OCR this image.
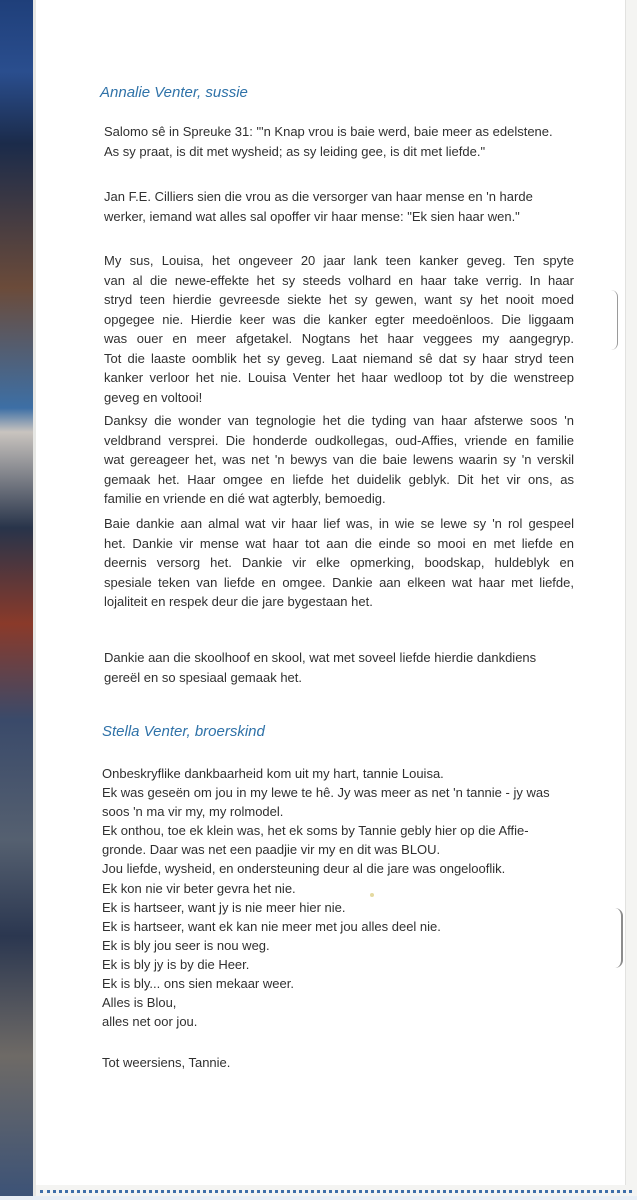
Annalie Venter, sussie

Salomo sê in Spreuke 31: "'n Knap vrou is baie werd, baie meer as edelstene.
As sy praat, is dit met wysheid; as sy leiding gee, is dit met liefde."

Jan F.E. Cilliers sien die vrou as die versorger van haar mense en 'n harde
werker, iemand wat alles sal opoffer vir haar mense: "Ek sien haar wen."

My sus, Louisa, het ongeveer 20 jaar lank teen kanker geveg. Ten spyte
van al die newe-effekte het sy steeds volhard en haar take verrig. In haar
stryd teen hierdie gevreesde siekte het sy gewen, want sy het nooit moed
opgegee nie. Hierdie keer was die kanker egter meedoënloos. Die liggaam
was ouer en meer afgetakel. Nogtans het haar veggees my aangegryp.
Tot die laaste oomblik het sy geveg. Laat niemand sê dat sy haar stryd teen
kanker verloor het nie. Louisa Venter het haar wedloop tot by die wenstreep
geveg en voltooi!

Danksy die wonder van tegnologie het die tyding van haar afsterwe soos 'n
veldbrand versprei. Die honderde oudkollegas, oud-Affies, vriende en familie
wat gereageer het, was net 'n bewys van die baie lewens waarin sy 'n verskil
gemaak het. Haar omgee en liefde het duidelik geblyk. Dit het vir ons, as
familie en vriende en dié wat agterbly, bemoedig.

Baie dankie aan almal wat vir haar lief was, in wie se lewe sy 'n rol gespeel
het. Dankie vir mense wat haar tot aan die einde so mooi en met liefde en
deernis versorg het. Dankie vir elke opmerking, boodskap, huldeblyk en
spesiale teken van liefde en omgee. Dankie aan elkeen wat haar met liefde,
lojaliteit en respek deur die jare bygestaan het.

Dankie aan die skoolhoof en skool, wat met soveel liefde hierdie dankdiens
gereël en so spesiaal gemaak het.

Stella Venter, broerskind

Onbeskryflike dankbaarheid kom uit my hart, tannie Louisa.
Ek was geseën om jou in my lewe te hê. Jy was meer as net 'n tannie - jy was
soos 'n ma vir my, my rolmodel.
Ek onthou, toe ek klein was, het ek soms by Tannie gebly hier op die Affie-
gronde. Daar was net een paadjie vir my en dit was BLOU.
Jou liefde, wysheid, en ondersteuning deur al die jare was ongelooflik.
Ek kon nie vir beter gevra het nie.
Ek is hartseer, want jy is nie meer hier nie.
Ek is hartseer, want ek kan nie meer met jou alles deel nie.
Ek is bly jou seer is nou weg.
Ek is bly jy is by die Heer.
Ek is bly... ons sien mekaar weer.
Alles is Blou,
alles net oor jou.

Tot weersiens, Tannie.
